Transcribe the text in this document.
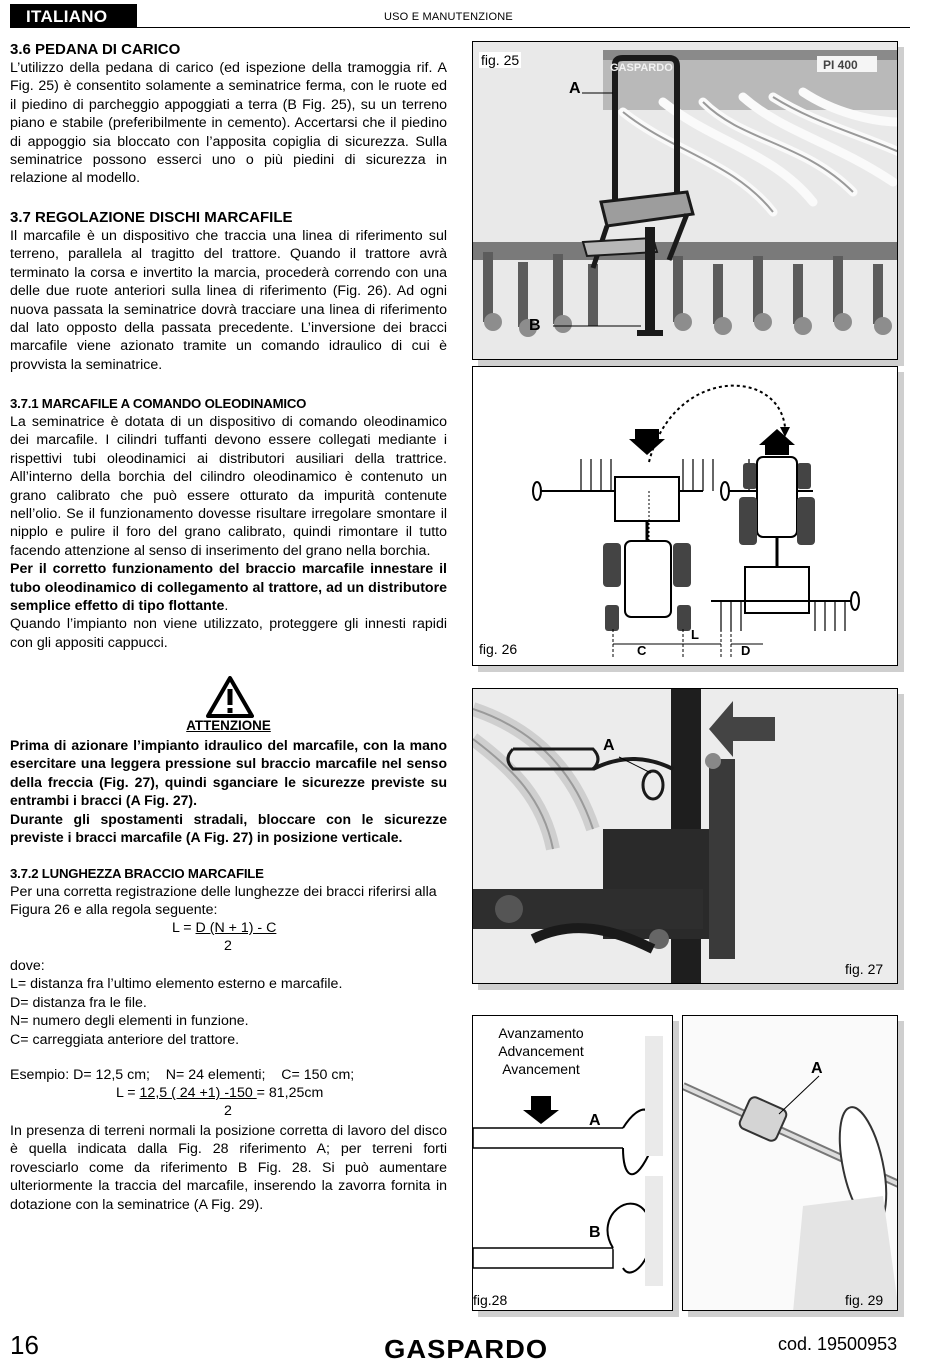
ITALIANO	USO E MANUTENZIONE
3.6 PEDANA DI CARICO

L’utilizzo della pedana di carico (ed ispezione della tramoggia rif. A Fig. 25) è consentito solamente a seminatrice ferma, con le ruote ed il piedino di parcheggio appoggiati a terra (B Fig. 25), su un terreno piano e stabile (preferibilmente in cemento). Accertarsi che il piedino di appoggio sia bloccato con l’apposita copiglia di sicurezza. Sulla seminatrice possono esserci uno o più piedini di sicurezza in relazione al modello.

3.7 REGOLAZIONE DISCHI MARCAFILE

Il marcafile è un dispositivo che traccia una linea di riferimento sul terreno, parallela al tragitto del trattore. Quando il trattore avrà terminato la corsa e invertito la marcia, procederà correndo con una delle due ruote anteriori sulla linea di riferimento (Fig. 26). Ad ogni nuova passata la seminatrice dovrà tracciare una linea di riferimento dal lato opposto della passata precedente. L’inversione dei bracci marcafile viene azionato tramite un comando idraulico di cui è provvista la seminatrice.

3.7.1 MARCAFILE A COMANDO OLEODINAMICO

La seminatrice è dotata di un dispositivo di comando oleodinamico dei marcafile. I cilindri tuffanti devono essere collegati mediante i rispettivi tubi oleodinamici ai distributori ausiliari della trattrice. All’interno della borchia del cilindro oleodinamico è contenuto un grano calibrato che può essere otturato da impurità contenute nell’olio. Se il funzionamento dovesse risultare irregolare smontare il nipplo e pulire il foro del grano calibrato, quindi rimontare il tutto facendo attenzione al senso di inserimento del grano nella borchia.

Per il corretto funzionamento del braccio marcafile innestare il tubo oleodinamico di collegamento al trattore, ad un distributore semplice effetto di tipo flottante.

Quando l’impianto non viene utilizzato, proteggere gli innesti rapidi con gli appositi cappucci.

ATTENZIONE

Prima di azionare l’impianto idraulico del marcafile, con la mano esercitare una leggera pressione sul braccio marcafile nel senso della freccia (Fig. 27), quindi sganciare le sicurezze previste su entrambi i bracci (A Fig. 27).

Durante gli spostamenti stradali, bloccare con le sicurezze previste i bracci marcafile (A Fig. 27) in posizione verticale.

3.7.2 LUNGHEZZA BRACCIO MARCAFILE

Per una corretta registrazione delle lunghezze dei bracci riferirsi alla Figura 26 e alla regola seguente:

L = D (N + 1) - C
2
dove:
L= distanza fra l’ultimo elemento esterno e marcafile.
D= distanza fra le file.
N= numero degli elementi in funzione.
C= carreggiata anteriore del trattore.
Esempio: D= 12,5 cm;    N= 24 elementi;    C= 150 cm;
L = 12,5 ( 24 +1) -150 = 81,25cm
2

In presenza di terreni normali la posizione corretta di lavoro del disco è quella indicata dalla Fig. 28 riferimento A; per terreni forti rovesciarlo come da riferimento B Fig. 28. Si può aumentare ulteriormente la traccia del marcafile, inserendo la zavorra fornita in dotazione con la seminatrice (A Fig. 29).

GASPARDO	PI 400
fig. 25
A
B
fig. 26	C
L
D
A
fig. 27
Avanzamento
Advancement
Avancement
A
B
fig.28
A
fig. 29
16	GASPARDO	cod. 19500953
